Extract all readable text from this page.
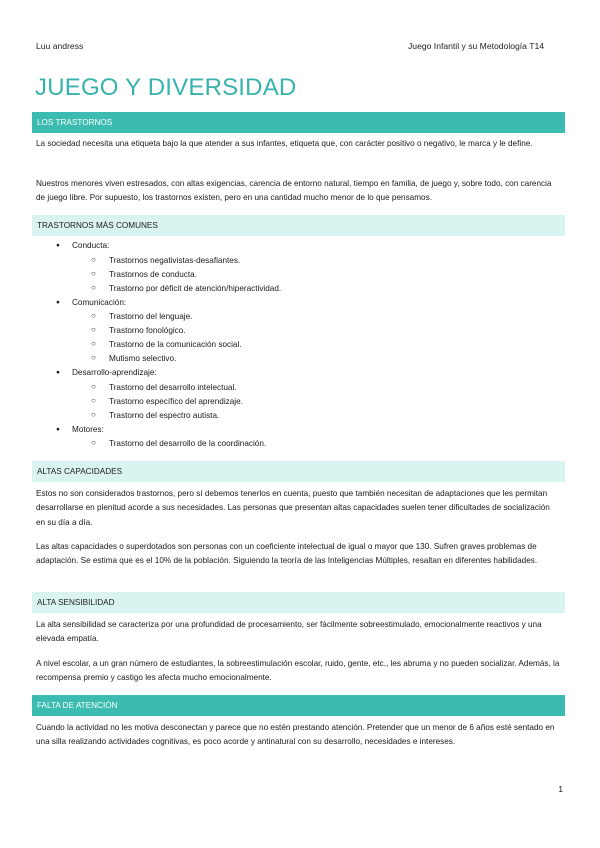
Luu andress	Juego Infantil y su Metodología T14
JUEGO Y DIVERSIDAD
LOS TRASTORNOS

La sociedad necesita una etiqueta bajo la que atender a sus infantes, etiqueta que, con carácter positivo o negativo, le marca y le define.

Nuestros menores viven estresados, con altas exigencias, carencia de entorno natural, tiempo en familia, de juego y, sobre todo, con carencia de juego libre. Por supuesto, los trastornos existen, pero en una cantidad mucho menor de lo que pensamos.

TRASTORNOS MÁS COMUNES
Conducta:
Trastornos negativistas-desafiantes.
Trastornos de conducta.
Trastorno por déficit de atención/hiperactividad.
Comunicación:
Trastorno del lenguaje.
Trastorno fonológico.
Trastorno de la comunicación social.
Mutismo selectivo.
Desarrollo-aprendizaje:
Trastorno del desarrollo intelectual.
Trastorno específico del aprendizaje.
Trastorno del espectro autista.
Motores:
Trastorno del desarrollo de la coordinación.
ALTAS CAPACIDADES

Estos no son considerados trastornos, pero sí debemos tenerlos en cuenta, puesto que también necesitan de adaptaciones que les permitan desarrollarse en plenitud acorde a sus necesidades. Las personas que presentan altas capacidades suelen tener dificultades de socialización en su día a día.

Las altas capacidades o superdotados son personas con un coeficiente intelectual de igual o mayor que 130. Sufren graves problemas de adaptación. Se estima que es el 10% de la población. Siguiendo la teoría de las Inteligencias Múltiples, resaltan en diferentes habilidades.

ALTA SENSIBILIDAD

La alta sensibilidad se caracteriza por una profundidad de procesamiento, ser fácilmente sobreestimulado, emocionalmente reactivos y una elevada empatía.

A nivel escolar, a un gran número de estudiantes, la sobreestimulación escolar, ruido, gente, etc., les abruma y no pueden socializar. Además, la recompensa premio y castigo les afecta mucho emocionalmente.

FALTA DE ATENCIÓN

Cuando la actividad no les motiva desconectan y parece que no estén prestando atención. Pretender que un menor de 6 años esté sentado en una silla realizando actividades cognitivas, es poco acorde y antinatural con su desarrollo, necesidades e intereses.

1
